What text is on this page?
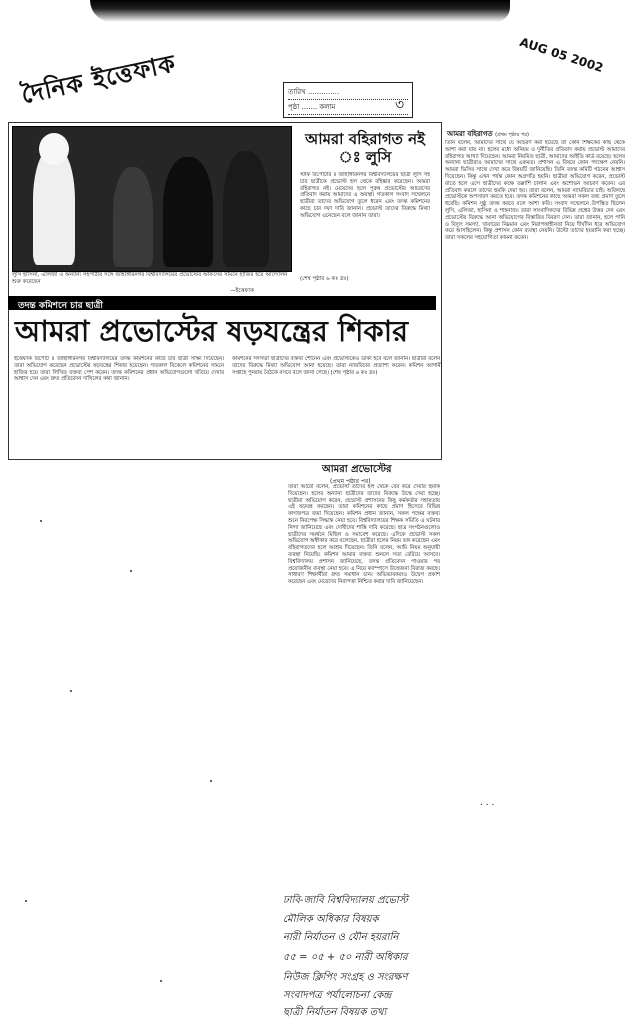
দৈনিক ইত্তেফাক	AUG 05 2002
তারিখ ..............
পৃষ্ঠা ....... কলাম	৩
লুসি হাসিনা, এলিজা ও অন্যান্য সহপাঠীর সঙ্গে জাহাঙ্গীরনগর বিশ্ববিদ্যালয়ের প্রভোস্টের অফিসের সামনে হাজির হয়ে আন্দোলন শুরু করেছেন
—ইত্তেফাক
আমরা বহিরাগত নই ঃ লুসি
স্টাফ রিপোর্টার ॥ জাহাঙ্গীরনগর বিশ্ববিদ্যালয়ের ছাত্রী লুসি সহ চার ছাত্রীকে প্রভোস্ট হল থেকে বহিষ্কার করেছেন। আমরা বহিরাগত নই। মেয়েদের হলে পুরুষ প্রভোস্টের আচরণের প্রতিবাদ করায় আমাদের এ অবস্থা। গতকাল সংবাদ সম্মেলনে ছাত্রীরা তাদের অভিযোগ তুলে ধরেন এবং তদন্ত কমিশনের কাছে চার দফা দাবি জানান। প্রভোস্ট তাদের বিরুদ্ধে মিথ্যা অভিযোগ এনেছেন বলে জানান তারা।
(শেষ পৃষ্ঠার ৬ কঃ দ্রঃ)
আমরা বহিরাগত (প্রথম পৃষ্ঠার পর)
তিনি বলেন, আমাদের সাথে যে আচরণ করা হয়েছে তা কোন শিক্ষকের কাছ থেকে আশা করা যায় না। হলের মধ্যে অনিয়ম ও দুর্নীতির প্রতিবাদ করায় প্রভোস্ট আমাদের বহিরাগত আখ্যা দিয়েছেন। আমরা নিয়মিত ছাত্রী, আমাদের আইডি কার্ড রয়েছে। হলের অন্যান্য ছাত্রীরাও আমাদের সাথে একমত। প্রশাসন এ বিষয়ে কোন পদক্ষেপ নেয়নি। আমরা ভিসির সাথে দেখা করে বিষয়টি জানিয়েছি। তিনি তদন্ত কমিটি গঠনের আশ্বাস দিয়েছেন। কিন্তু এখন পর্যন্ত কোন অগ্রগতি হয়নি। ছাত্রীরা অভিযোগ করেন, প্রভোস্ট রাতে হলে এসে ছাত্রীদের কক্ষে তল্লাশি চালান এবং অশোভন আচরণ করেন। এর প্রতিবাদ করলে তাদের হুমকি দেয়া হয়। তারা বলেন, আমরা ন্যায়বিচার চাই। অবিলম্বে প্রভোস্টকে অপসারণ করতে হবে। তদন্ত কমিশনের কাছে আমরা সকল তথ্য প্রমাণ তুলে ধরেছি। কমিশন সুষ্ঠু তদন্ত করবে বলে আশা করি। সংবাদ সম্মেলনে উপস্থিত ছিলেন লুসি, এলিজা, হাসিনা ও শাহনাজ। তারা সাংবাদিকদের বিভিন্ন প্রশ্নের উত্তর দেন এবং প্রভোস্টের বিরুদ্ধে আনা অভিযোগের বিস্তারিত বিবরণ দেন। তারা জানান, হলে পানি ও বিদ্যুৎ সমস্যা, খাবারের নিম্নমান এবং নিরাপত্তাহীনতা নিয়ে দীর্ঘদিন ধরে অভিযোগ করে আসছিলেন। কিন্তু প্রশাসন কোন ব্যবস্থা নেয়নি। উল্টো তাদের হয়রানি করা হচ্ছে। তারা সকলের সহযোগিতা কামনা করেন।
তদন্ত কমিশনে চার ছাত্রী
আমরা প্রভোস্টের ষড়যন্ত্রের শিকার
ইত্তেফাক রিপোর্ট ॥ জাহাঙ্গীরনগর বিশ্ববিদ্যালয়ের তদন্ত কমিশনের কাছে চার ছাত্রী সাক্ষ্য দিয়েছেন। তারা অভিযোগ করেছেন প্রভোস্টের ষড়যন্ত্রের শিকার হয়েছেন। গতকাল বিকেলে কমিশনের সামনে হাজির হয়ে তারা লিখিত বক্তব্য পেশ করেন। তদন্ত কমিশনের প্রধান অভিযোগগুলো খতিয়ে দেখার আশ্বাস দেন এবং দ্রুত প্রতিবেদন দাখিলের কথা জানান।
কমিশনের সদস্যরা ছাত্রীদের বক্তব্য শোনেন এবং প্রভোস্টকেও ডাকা হবে বলে জানান। ছাত্রীরা বলেন, তাদের বিরুদ্ধে মিথ্যা অভিযোগ আনা হয়েছে। তারা ন্যায়বিচার প্রত্যাশা করেন। কমিশন আগামী সপ্তাহে পুনরায় বৈঠকে বসবে বলে জানা গেছে। (শেষ পৃষ্ঠার ৬ কঃ দ্রঃ)
আমরা প্রভোস্টের
(প্রথম পৃষ্ঠার পর)
তারা আরো বলেন, প্রভোস্ট তাদের হল থেকে বের করে দেয়ার হুমকি দিয়েছেন। হলের অন্যান্য ছাত্রীদের তাদের বিরুদ্ধে উস্কে দেয়া হচ্ছে। ছাত্রীরা অভিযোগ করেন, প্রভোস্ট প্রশাসনের কিছু কর্মকর্তার সহায়তায় এই ষড়যন্ত্র করছেন। তারা কমিশনের কাছে প্রমাণ হিসেবে বিভিন্ন কাগজপত্র জমা দিয়েছেন। কমিশন প্রধান জানান, সকল পক্ষের বক্তব্য শুনে নিরপেক্ষ সিদ্ধান্ত নেয়া হবে। বিশ্ববিদ্যালয়ের শিক্ষক সমিতি এ ঘটনার নিন্দা জানিয়েছে এবং দোষীদের শাস্তি দাবি করেছে। ছাত্র সংগঠনগুলোও ছাত্রীদের সমর্থনে মিছিল ও সমাবেশ করেছে। এদিকে প্রভোস্ট সকল অভিযোগ অস্বীকার করে বলেছেন, ছাত্রীরা হলের নিয়ম ভঙ্গ করেছেন এবং বহিরাগতদের হলে আশ্রয় দিয়েছেন। তিনি বলেন, আমি নিয়ম অনুযায়ী ব্যবস্থা নিয়েছি। কমিশন আমার বক্তব্য শুনলে সত্য বেরিয়ে আসবে। বিশ্ববিদ্যালয় প্রশাসন জানিয়েছে, তদন্ত প্রতিবেদন পাওয়ার পর প্রয়োজনীয় ব্যবস্থা নেয়া হবে। এ নিয়ে ক্যাম্পাসে উত্তেজনা বিরাজ করছে। সাধারণ শিক্ষার্থীরা দ্রুত সমাধান চান। অভিভাবকরাও উদ্বেগ প্রকাশ করেছেন এবং মেয়েদের নিরাপত্তা নিশ্চিত করার দাবি জানিয়েছেন।
. . .
ঢাবি-জাবি বিশ্ববিদ্যালয় প্রভোস্ট
মৌলিক অধিকার বিষয়ক
নারী নির্যাতন ও যৌন হয়রানি
৫৫ = ০৫ + ৫০ নারী অধিকার
নিউজ ক্লিপিং সংগ্রহ ও সংরক্ষণ
সংবাদপত্র পর্যালোচনা কেন্দ্র
ছাত্রী নির্যাতন বিষয়ক তথ্য
